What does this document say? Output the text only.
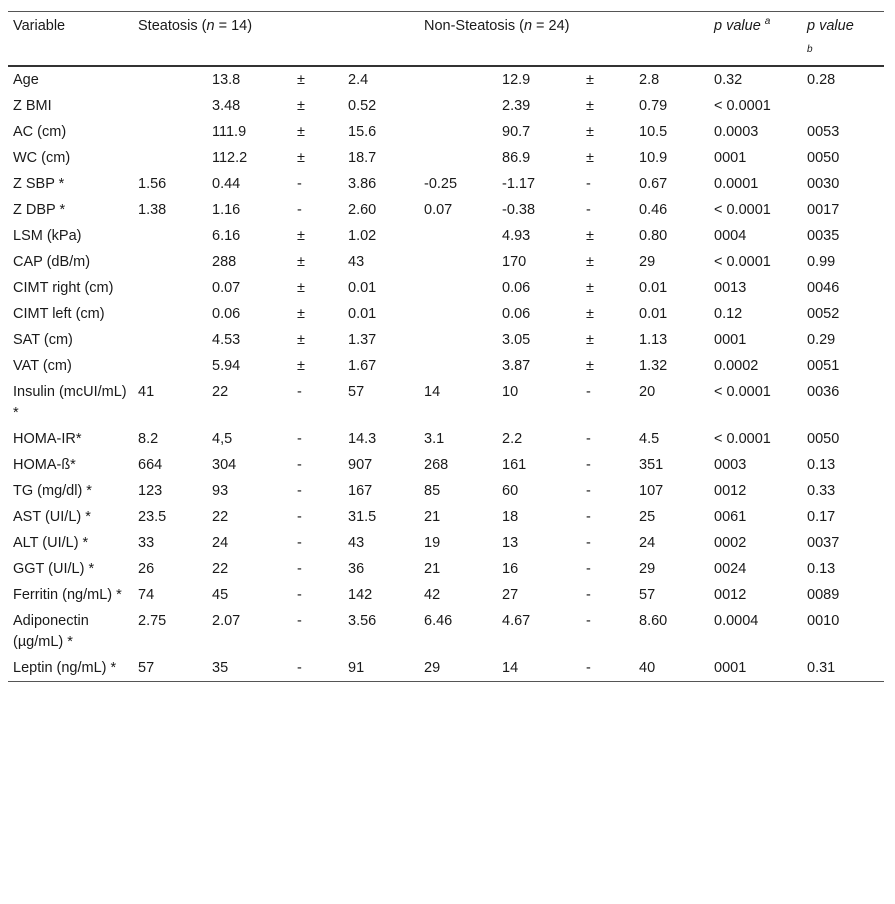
Variable	Steatosis (n = 14)				Non-Steatosis (n = 24)				p value $^a$	p value
$_b$
Age		13.8	±	2.4		12.9	±	2.8	0.32	0.28
Z BMI		3.48	±	0.52		2.39	±	0.79	< 0.0001	
AC (cm)		111.9	±	15.6		90.7	±	10.5	0.0003	0053
WC (cm)		112.2	±	18.7		86.9	±	10.9	0001	0050
Z SBP *	1.56	0.44	-	3.86	-0.25	-1.17	-	0.67	0.0001	0030
Z DBP *	1.38	1.16	-	2.60	0.07	-0.38	-	0.46	< 0.0001	0017
LSM (kPa)		6.16	±	1.02		4.93	±	0.80	0004	0035
CAP (dB/m)		288	±	43		170	±	29	< 0.0001	0.99
CIMT right (cm)		0.07	±	0.01		0.06	±	0.01	0013	0046
CIMT left (cm)		0.06	±	0.01		0.06	±	0.01	0.12	0052
SAT (cm)		4.53	±	1.37		3.05	±	1.13	0001	0.29
VAT (cm)		5.94	±	1.67		3.87	±	1.32	0.0002	0051
Insulin (mcUI/mL) *	41	22	-	57	14	10	-	20	< 0.0001	0036
HOMA-IR*	8.2	4,5	-	14.3	3.1	2.2	-	4.5	< 0.0001	0050
HOMA-ß*	664	304	-	907	268	161	-	351	0003	0.13
TG (mg/dl) *	123	93	-	167	85	60	-	107	0012	0.33
AST (UI/L) *	23.5	22	-	31.5	21	18	-	25	0061	0.17
ALT (UI/L) *	33	24	-	43	19	13	-	24	0002	0037
GGT (UI/L) *	26	22	-	36	21	16	-	29	0024	0.13
Ferritin (ng/mL) *	74	45	-	142	42	27	-	57	0012	0089
Adiponectin (µg/mL) *	2.75	2.07	-	3.56	6.46	4.67	-	8.60	0.0004	0010
Leptin (ng/mL) *	57	35	-	91	29	14	-	40	0001	0.31
